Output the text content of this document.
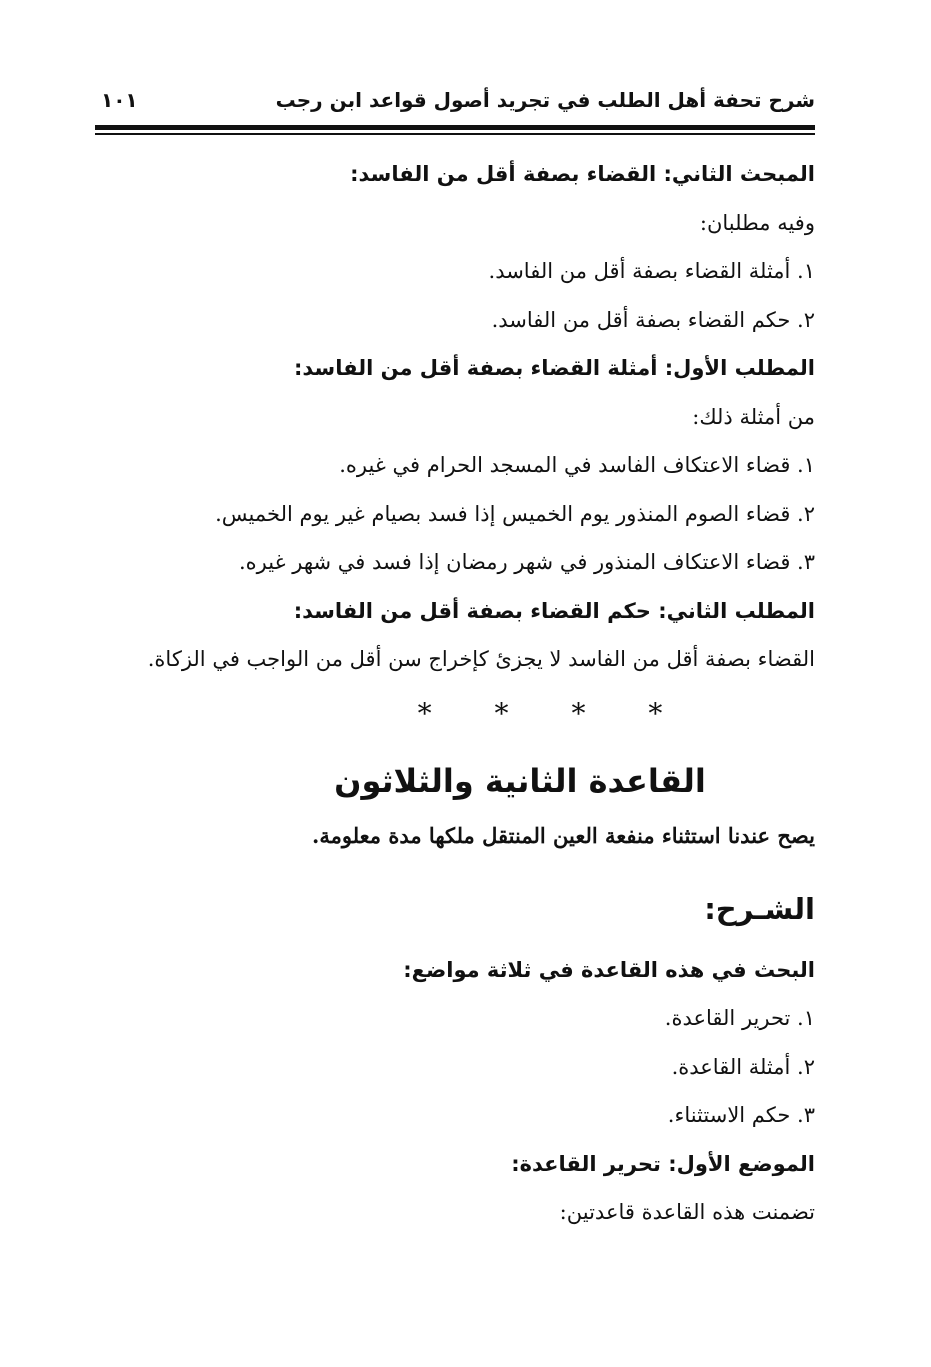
شرح تحفة أهل الطلب في تجريد أصول قواعد ابن رجب
١٠١
المبحث الثاني: القضاء بصفة أقل من الفاسد:
وفيه مطلبان:
١. أمثلة القضاء بصفة أقل من الفاسد.
٢. حكم القضاء بصفة أقل من الفاسد.
المطلب الأول: أمثلة القضاء بصفة أقل من الفاسد:
من أمثلة ذلك:
١. قضاء الاعتكاف الفاسد في المسجد الحرام في غيره.
٢. قضاء الصوم المنذور يوم الخميس إذا فسد بصيام غير يوم الخميس.
٣. قضاء الاعتكاف المنذور في شهر رمضان إذا فسد في شهر غيره.
المطلب الثاني: حكم القضاء بصفة أقل من الفاسد:
القضاء بصفة أقل من الفاسد لا يجزئ كإخراج سن أقل من الواجب في الزكاة.
* * * *
القاعدة الثانية والثلاثون
يصح عندنا استثناء منفعة العين المنتقل ملكها مدة معلومة.
الشـرح:
البحث في هذه القاعدة في ثلاثة مواضع:
١. تحرير القاعدة.
٢. أمثلة القاعدة.
٣. حكم الاستثناء.
الموضع الأول: تحرير القاعدة:
تضمنت هذه القاعدة قاعدتين:
